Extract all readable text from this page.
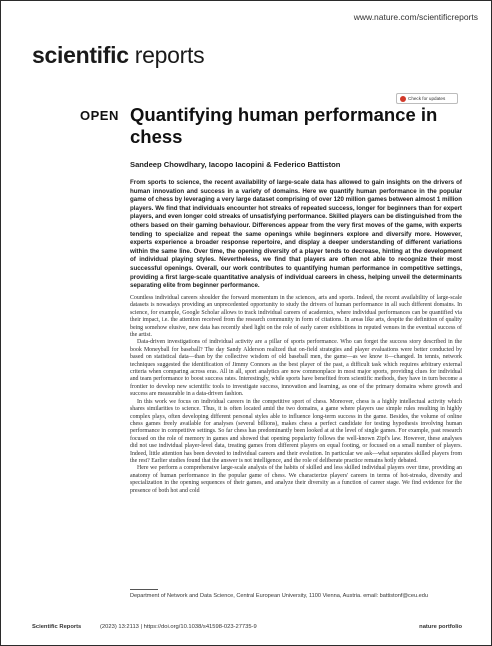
www.nature.com/scientificreports
scientific reports
OPEN
Check for updates
Quantifying human performance in chess
Sandeep Chowdhary, Iacopo Iacopini & Federico Battiston
From sports to science, the recent availability of large-scale data has allowed to gain insights on the drivers of human innovation and success in a variety of domains. Here we quantify human performance in the popular game of chess by leveraging a very large dataset comprising of over 120 million games between almost 1 million players. We find that individuals encounter hot streaks of repeated success, longer for beginners than for expert players, and even longer cold streaks of unsatisfying performance. Skilled players can be distinguished from the others based on their gaming behaviour. Differences appear from the very first moves of the game, with experts tending to specialize and repeat the same openings while beginners explore and diversify more. However, experts experience a broader response repertoire, and display a deeper understanding of different variations within the same line. Over time, the opening diversity of a player tends to decrease, hinting at the development of individual playing styles. Nevertheless, we find that players are often not able to recognize their most successful openings. Overall, our work contributes to quantifying human performance in competitive settings, providing a first large-scale quantitative analysis of individual careers in chess, helping unveil the determinants separating elite from beginner performance.

Countless individual careers shoulder the forward momentum in the sciences, arts and sports. Indeed, the recent availability of large-scale datasets is nowadays providing an unprecedented opportunity to study the drivers of human performance in all such different domains. In science, for example, Google Scholar allows to track individual careers of academics, where individual performances can be quantified via their impact, i.e. the attention received from the research community in form of citations. In areas like arts, despite the definition of quality being somehow elusive, new data has recently shed light on the role of early career exhibitions in reputed venues in the eventual success of the artist.

Data-driven investigations of individual activity are a pillar of sports performance. Who can forget the success story described in the book Moneyball for baseball? The day Sandy Alderson realized that on-field strategies and player evaluations were better conducted by based on statistical data—than by the collective wisdom of old baseball men, the game—as we know it—changed. In tennis, network techniques suggested the identification of Jimmy Connors as the best player of the past, a difficult task which requires arbitrary external criteria when comparing across eras. All in all, sport analytics are now commonplace in most major sports, providing clues for individual and team performance to boost success rates. Interestingly, while sports have benefited from scientific methods, they have in turn become a frontier to develop new scientific tools to investigate success, innovation and learning, as one of the primary domains where growth and success are measurable in a data-driven fashion.

In this work we focus on individual careers in the competitive sport of chess. Moreover, chess is a highly intellectual activity which shares similarities to science. Thus, it is often located amid the two domains, a game where players use simple rules resulting in highly complex plays, often developing different personal styles able to influence long-term success in the game. Besides, the volume of online chess games freely available for analyses (several billions), makes chess a perfect candidate for testing hypothesis involving human performance in competitive settings. So far chess has predominantly been looked at at the level of single games. For example, past research focused on the role of memory in games and showed that opening popularity follows the well-known Zipf's law. However, these analyses did not use individual player-level data, treating games from different players on equal footing, or focused on a small number of players. Indeed, little attention has been devoted to individual careers and their evolution. In particular we ask—what separates skilled players from the rest? Earlier studies found that the answer is not intelligence, and the role of deliberate practice remains hotly debated.

Here we perform a comprehensive large-scale analysis of the habits of skilled and less skilled individual players over time, providing an anatomy of human performance in the popular game of chess. We characterize players' careers in terms of hot-streaks, diversity and specialization in the opening sequences of their games, and analyze their diversity as a function of career stage. We find evidence for the presence of both hot and cold

Department of Network and Data Science, Central European University, 1100 Vienna, Austria. email: battistonf@ceu.edu
Scientific Reports	(2023) 13:2113 | https://doi.org/10.1038/s41598-023-27735-9	nature portfolio
